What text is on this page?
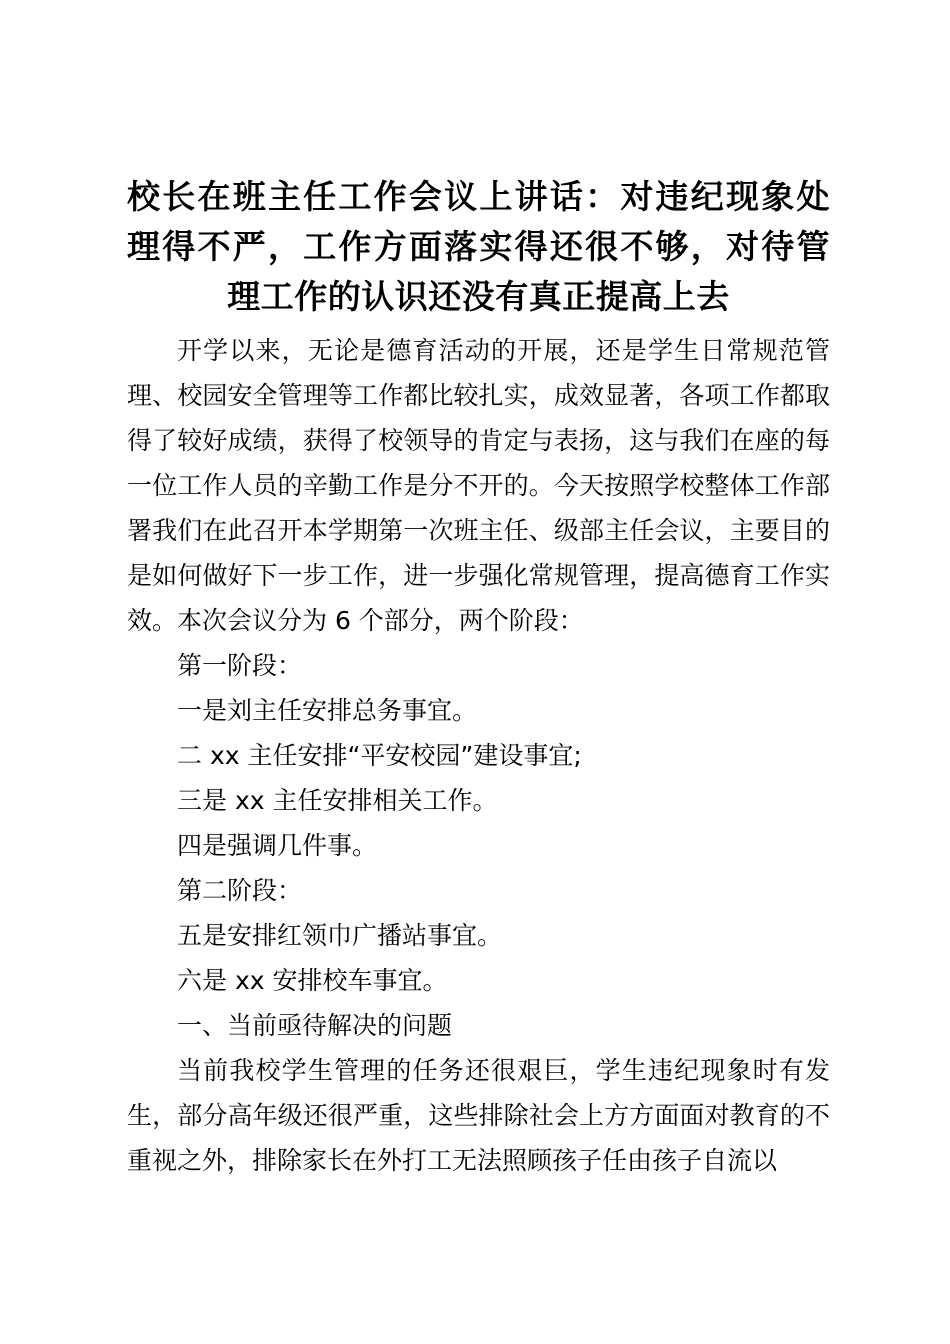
校长在班主任工作会议上讲话：对违纪现象处理得不严，工作方面落实得还很不够，对待管理工作的认识还没有真正提高上去

开学以来，无论是德育活动的开展，还是学生日常规范管理、校园安全管理等工作都比较扎实，成效显著，各项工作都取得了较好成绩，获得了校领导的肯定与表扬，这与我们在座的每一位工作人员的辛勤工作是分不开的。今天按照学校整体工作部署我们在此召开本学期第一次班主任、级部主任会议，主要目的是如何做好下一步工作，进一步强化常规管理，提高德育工作实效。本次会议分为 6 个部分，两个阶段：

第一阶段：

一是刘主任安排总务事宜。

二 xx 主任安排“平安校园”建设事宜;

三是 xx 主任安排相关工作。

四是强调几件事。

第二阶段：

五是安排红领巾广播站事宜。

六是 xx 安排校车事宜。

一、当前亟待解决的问题

当前我校学生管理的任务还很艰巨，学生违纪现象时有发生，部分高年级还很严重，这些排除社会上方方面面对教育的不重视之外，排除家长在外打工无法照顾孩子任由孩子自流以
